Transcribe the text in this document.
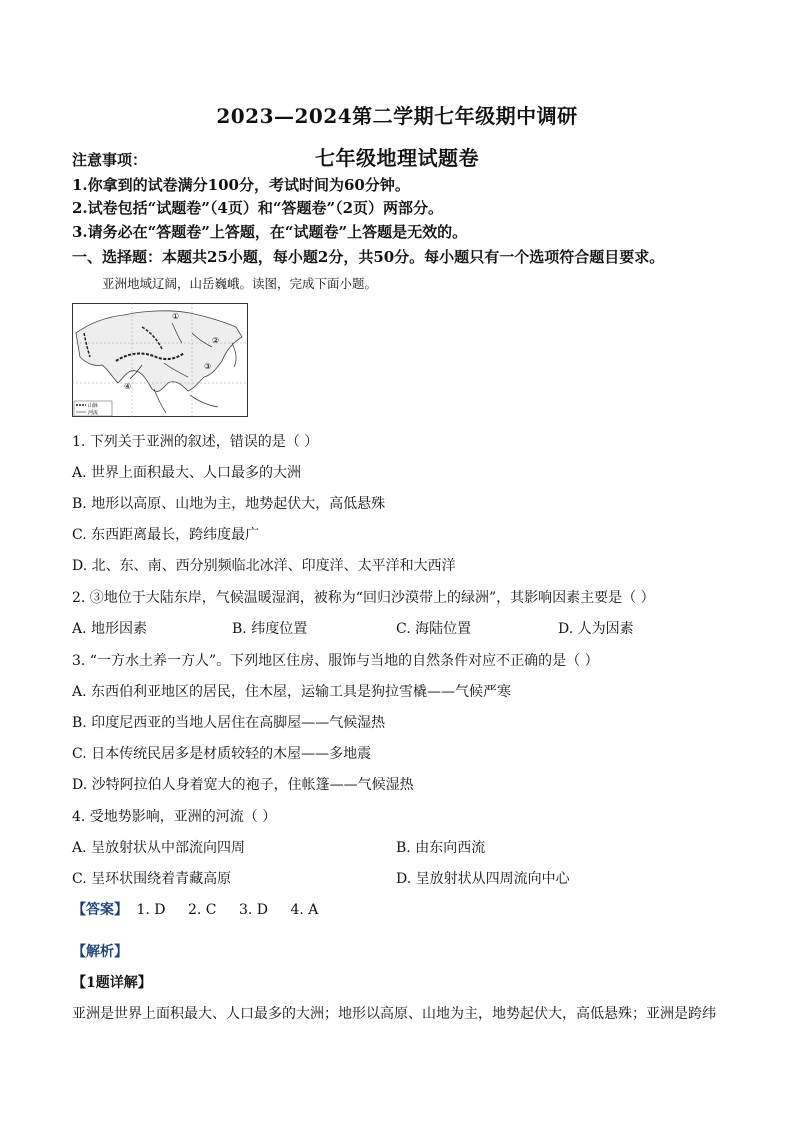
2023—2024第二学期七年级期中调研
七年级地理试题卷
注意事项：
1.你拿到的试卷满分100分，考试时间为60分钟。
2.试卷包括“试题卷”（4页）和“答题卷”（2页）两部分。
3.请务必在“答题卷”上答题，在“试题卷”上答题是无效的。
一、选择题：本题共25小题，每小题2分，共50分。每小题只有一个选项符合题目要求。
亚洲地域辽阔，山岳巍峨。读图，完成下面小题。
①
②
③
④
山脉
河流
1. 下列关于亚洲的叙述，错误的是（ ）
A. 世界上面积最大、人口最多的大洲
B. 地形以高原、山地为主，地势起伏大，高低悬殊
C. 东西距离最长，跨纬度最广
D. 北、东、南、西分别频临北冰洋、印度洋、太平洋和大西洋
2. ③地位于大陆东岸，气候温暖湿润，被称为“回归沙漠带上的绿洲”，其影响因素主要是（ ）
A. 地形因素	B. 纬度位置	C. 海陆位置	D. 人为因素
3. “一方水土养一方人”。下列地区住房、服饰与当地的自然条件对应不正确的是（ ）
A. 东西伯利亚地区的居民，住木屋，运输工具是狗拉雪橇——气候严寒
B. 印度尼西亚的当地人居住在高脚屋——气候湿热
C. 日本传统民居多是材质较轻的木屋——多地震
D. 沙特阿拉伯人身着宽大的袍子，住帐篷——气候湿热
4. 受地势影响，亚洲的河流（ ）
A. 呈放射状从中部流向四周	B. 由东向西流
C. 呈环状围绕着青藏高原	D. 呈放射状从四周流向中心
【答案】 1. D 2. C 3. D 4. A
【解析】
【1题详解】
亚洲是世界上面积最大、人口最多的大洲；地形以高原、山地为主，地势起伏大，高低悬殊；亚洲是跨纬
